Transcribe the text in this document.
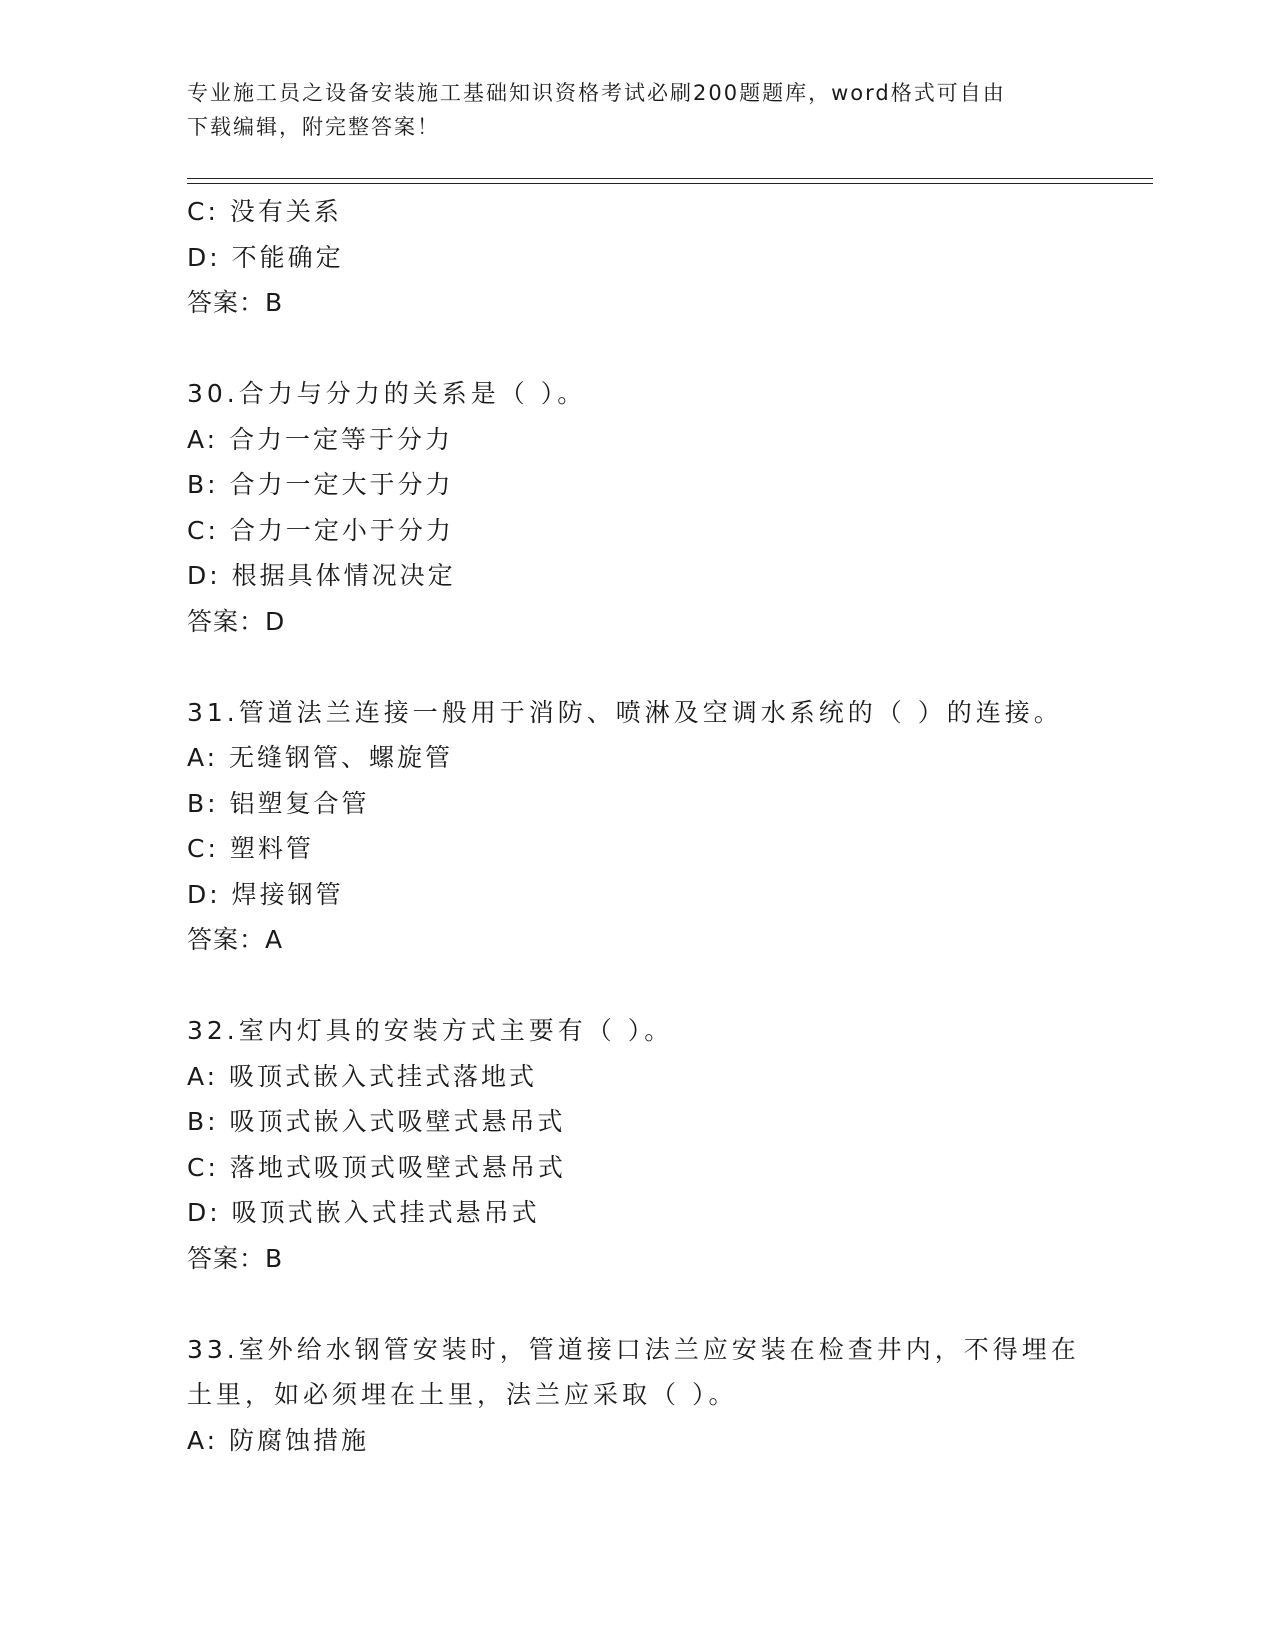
专业施工员之设备安装施工基础知识资格考试必刷200题题库，word格式可自由
下载编辑，附完整答案！
C: 没有关系
D: 不能确定
答案：B
30.合力与分力的关系是（ ）。
A: 合力一定等于分力
B: 合力一定大于分力
C: 合力一定小于分力
D: 根据具体情况决定
答案：D
31.管道法兰连接一般用于消防、喷淋及空调水系统的（ ）的连接。
A: 无缝钢管、螺旋管
B: 铝塑复合管
C: 塑料管
D: 焊接钢管
答案：A
32.室内灯具的安装方式主要有（ ）。
A: 吸顶式嵌入式挂式落地式
B: 吸顶式嵌入式吸壁式悬吊式
C: 落地式吸顶式吸壁式悬吊式
D: 吸顶式嵌入式挂式悬吊式
答案：B
33.室外给水钢管安装时，管道接口法兰应安装在检查井内，不得埋在
土里，如必须埋在土里，法兰应采取（ ）。
A: 防腐蚀措施
